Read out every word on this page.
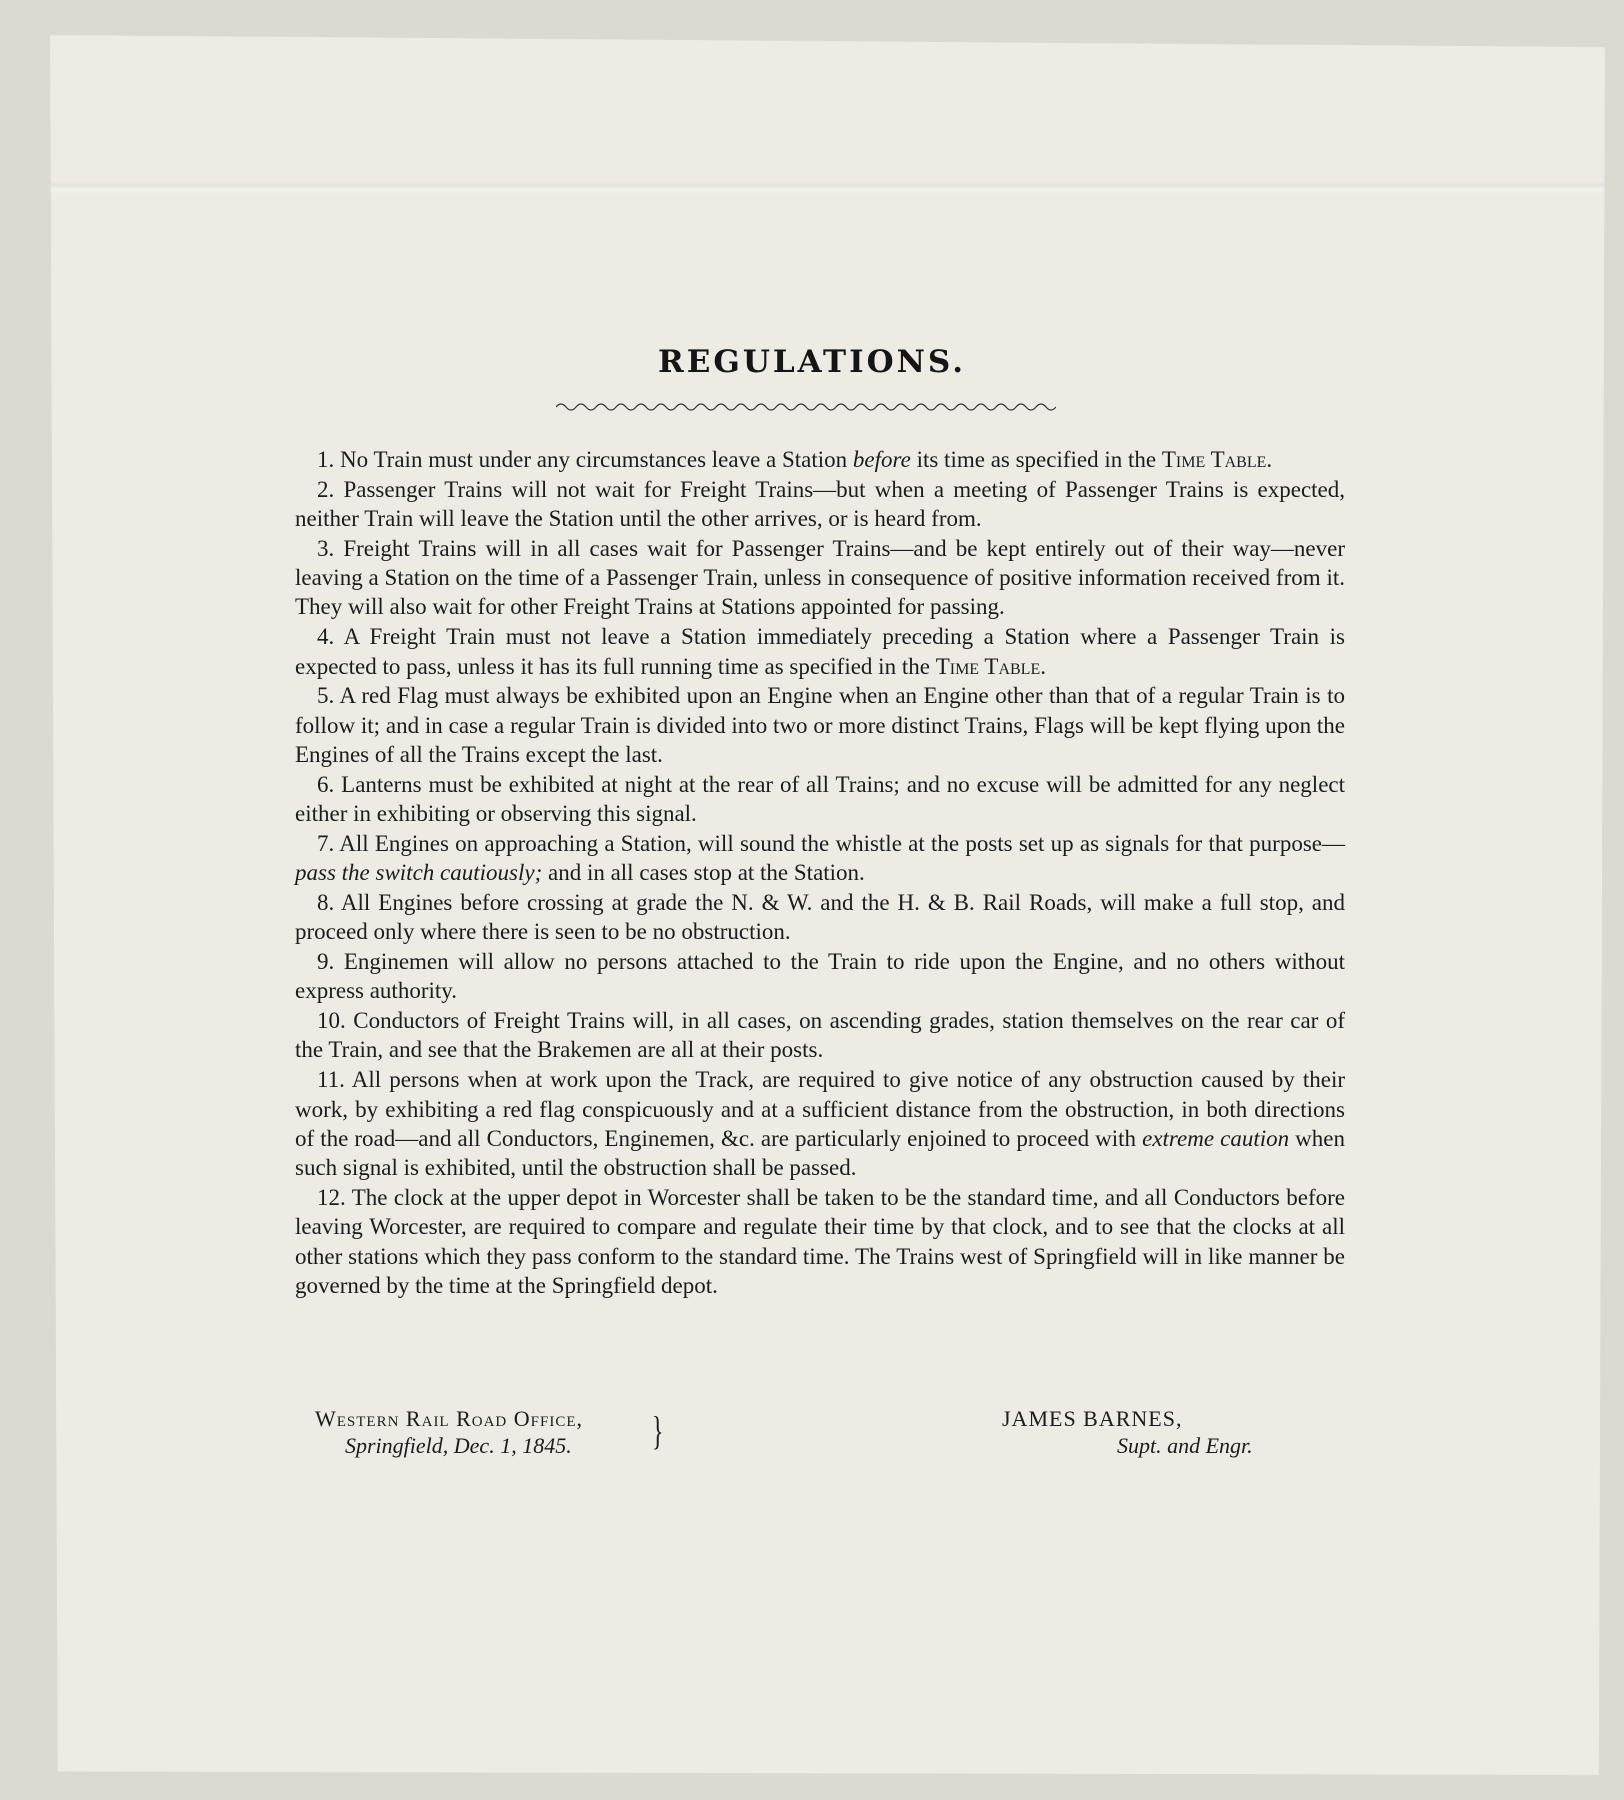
REGULATIONS.

1. No Train must under any circumstances leave a Station before its time as specified in the Time Table.

2. Passenger Trains will not wait for Freight Trains—but when a meeting of Passenger Trains is expected, neither Train will leave the Station until the other arrives, or is heard from.

3. Freight Trains will in all cases wait for Passenger Trains—and be kept entirely out of their way—never leaving a Station on the time of a Passenger Train, unless in consequence of positive information received from it. They will also wait for other Freight Trains at Stations appointed for passing.

4. A Freight Train must not leave a Station immediately preceding a Station where a Passenger Train is expected to pass, unless it has its full running time as specified in the Time Table.

5. A red Flag must always be exhibited upon an Engine when an Engine other than that of a regular Train is to follow it; and in case a regular Train is divided into two or more distinct Trains, Flags will be kept flying upon the Engines of all the Trains except the last.

6. Lanterns must be exhibited at night at the rear of all Trains; and no excuse will be admitted for any neglect either in exhibiting or observing this signal.

7. All Engines on approaching a Station, will sound the whistle at the posts set up as signals for that purpose—pass the switch cautiously; and in all cases stop at the Station.

8. All Engines before crossing at grade the N. & W. and the H. & B. Rail Roads, will make a full stop, and proceed only where there is seen to be no obstruction.

9. Enginemen will allow no persons attached to the Train to ride upon the Engine, and no others without express authority.

10. Conductors of Freight Trains will, in all cases, on ascending grades, station themselves on the rear car of the Train, and see that the Brakemen are all at their posts.

11. All persons when at work upon the Track, are required to give notice of any obstruction caused by their work, by exhibiting a red flag conspicuously and at a sufficient distance from the obstruction, in both directions of the road—and all Conductors, Enginemen, &c. are particularly enjoined to proceed with extreme caution when such signal is exhibited, until the obstruction shall be passed.

12. The clock at the upper depot in Worcester shall be taken to be the standard time, and all Conductors before leaving Worcester, are required to compare and regulate their time by that clock, and to see that the clocks at all other stations which they pass conform to the standard time. The Trains west of Springfield will in like manner be governed by the time at the Springfield depot.

Western Rail Road Office,
Springfield, Dec. 1, 1845. }	JAMES BARNES,
Supt. and Engr.
